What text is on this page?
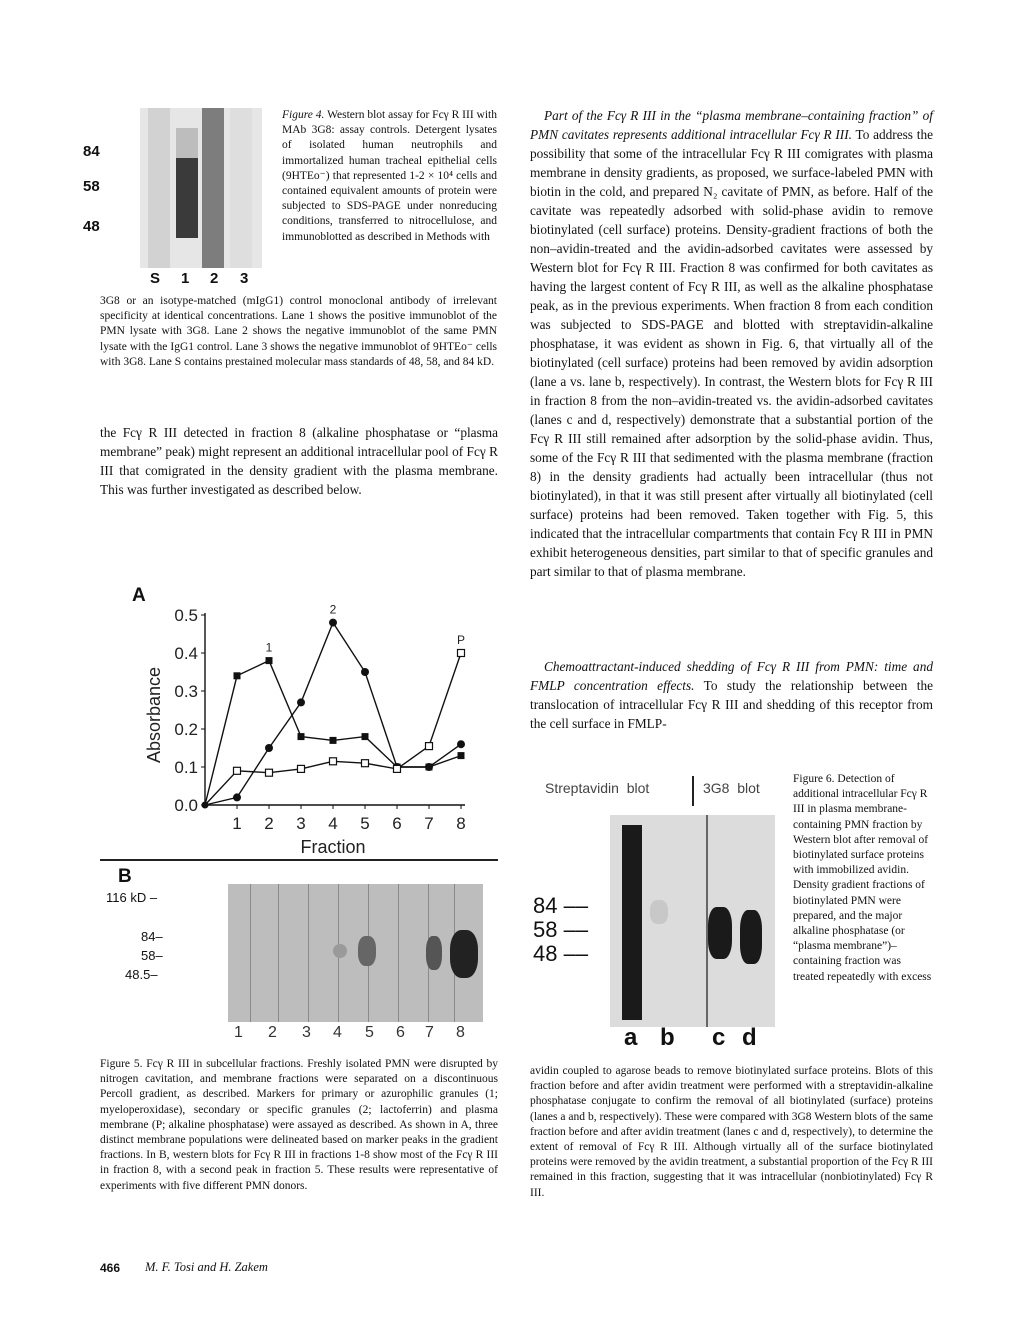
84
58
48
S 1 2 3
Figure 4. Western blot assay for Fcγ R III with MAb 3G8: assay controls. Detergent lysates of isolated human neutrophils and immortalized human tracheal epithelial cells (9HTEo⁻) that represented 1-2 × 10⁴ cells and contained equivalent amounts of protein were subjected to SDS-PAGE under nonreducing conditions, transferred to nitrocellulose, and immunoblotted as described in Methods with
3G8 or an isotype-matched (mIgG1) control monoclonal antibody of irrelevant specificity at identical concentrations. Lane 1 shows the positive immunoblot of the PMN lysate with 3G8. Lane 2 shows the negative immunoblot of the same PMN lysate with the IgG1 control. Lane 3 shows the negative immunoblot of 9HTEo⁻ cells with 3G8. Lane S contains prestained molecular mass standards of 48, 58, and 84 kD.
the Fcγ R III detected in fraction 8 (alkaline phosphatase or “plasma membrane” peak) might represent an additional intracellular pool of Fcγ R III that comigrated in the density gradient with the plasma membrane. This was further investigated as described below.
A
0.0
0.1
0.2
0.3
0.4
0.5
1 2 3 4 5 6 7 8
Fraction
Absorbance
1
2
P
B
116 kD –
84–
58–
48.5–
1 2 3 4 5 6 7 8
Figure 5. Fcγ R III in subcellular fractions. Freshly isolated PMN were disrupted by nitrogen cavitation, and membrane fractions were separated on a discontinuous Percoll gradient, as described. Markers for primary or azurophilic granules (1; myeloperoxidase), secondary or specific granules (2; lactoferrin) and plasma membrane (P; alkaline phosphatase) were assayed as described. As shown in A, three distinct membrane populations were delineated based on marker peaks in the gradient fractions. In B, western blots for Fcγ R III in fractions 1-8 show most of the Fcγ R III in fraction 8, with a second peak in fraction 5. These results were representative of experiments with five different PMN donors.
Part of the Fcγ R III in the “plasma membrane–containing fraction” of PMN cavitates represents additional intracellular Fcγ R III. To address the possibility that some of the intracellular Fcγ R III comigrates with plasma membrane in density gradients, as proposed, we surface-labeled PMN with biotin in the cold, and prepared N₂ cavitate of PMN, as before. Half of the cavitate was repeatedly adsorbed with solid-phase avidin to remove biotinylated (cell surface) proteins. Density-gradient fractions of both the non–avidin-treated and the avidin-adsorbed cavitates were assessed by Western blot for Fcγ R III. Fraction 8 was confirmed for both cavitates as having the largest content of Fcγ R III, as well as the alkaline phosphatase peak, as in the previous experiments. When fraction 8 from each condition was subjected to SDS-PAGE and blotted with streptavidin-alkaline phosphatase, it was evident as shown in Fig. 6, that virtually all of the biotinylated (cell surface) proteins had been removed by avidin adsorption (lane a vs. lane b, respectively). In contrast, the Western blots for Fcγ R III in fraction 8 from the non–avidin-treated vs. the avidin-adsorbed cavitates (lanes c and d, respectively) demonstrate that a substantial portion of the Fcγ R III still remained after adsorption by the solid-phase avidin. Thus, some of the Fcγ R III that sedimented with the plasma membrane (fraction 8) in the density gradients had actually been intracellular (thus not biotinylated), in that it was still present after virtually all biotinylated (cell surface) proteins had been removed. Taken together with Fig. 5, this indicated that the intracellular compartments that contain Fcγ R III in PMN exhibit heterogeneous densities, part similar to that of specific granules and part similar to that of plasma membrane.
Chemoattractant-induced shedding of Fcγ R III from PMN: time and FMLP concentration effects. To study the relationship between the translocation of intracellular Fcγ R III and shedding of this receptor from the cell surface in FMLP-
Streptavidin  blot	3G8  blot
84 ––
58 ––
48 ––
a b c d
Figure 6. Detection of additional intracellular Fcγ R III in plasma membrane-containing PMN fraction by Western blot after removal of biotinylated surface proteins with immobilized avidin. Density gradient fractions of biotinylated PMN were prepared, and the major alkaline phosphatase (or “plasma membrane”)–containing fraction was treated repeatedly with excess
avidin coupled to agarose beads to remove biotinylated surface proteins. Blots of this fraction before and after avidin treatment were performed with a streptavidin-alkaline phosphatase conjugate to confirm the removal of all biotinylated (surface) proteins (lanes a and b, respectively). These were compared with 3G8 Western blots of the same fraction before and after avidin treatment (lanes c and d, respectively), to determine the extent of removal of Fcγ R III. Although virtually all of the surface biotinylated proteins were removed by the avidin treatment, a substantial proportion of the Fcγ R III remained in this fraction, suggesting that it was intracellular (nonbiotinylated) Fcγ R III.
466 M. F. Tosi and H. Zakem
